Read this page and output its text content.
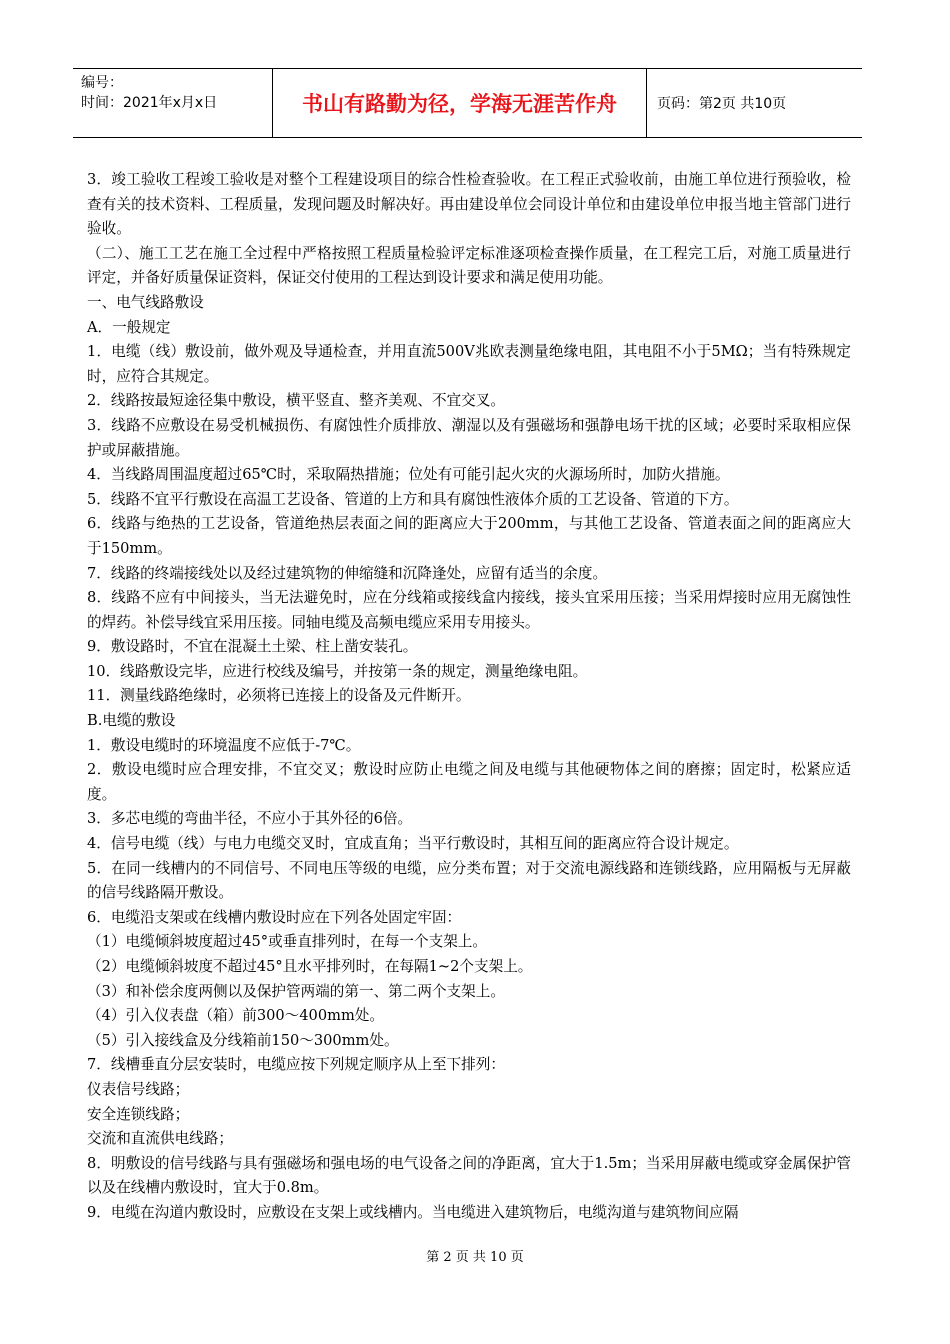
编号：
时间：2021年x月x日	书山有路勤为径，学海无涯苦作舟	页码：第2页 共10页

3．竣工验收工程竣工验收是对整个工程建设项目的综合性检查验收。在工程正式验收前，由施工单位进行预验收，检查有关的技术资料、工程质量，发现问题及时解决好。再由建设单位会同设计单位和由建设单位申报当地主管部门进行验收。

（二）、施工工艺在施工全过程中严格按照工程质量检验评定标准逐项检查操作质量，在工程完工后，对施工质量进行评定，并备好质量保证资料，保证交付使用的工程达到设计要求和满足使用功能。

一、电气线路敷设

A．一般规定

1．电缆（线）敷设前，做外观及导通检查，并用直流500V兆欧表测量绝缘电阻，其电阻不小于5MΩ；当有特殊规定时，应符合其规定。

2．线路按最短途径集中敷设，横平竖直、整齐美观、不宜交叉。

3．线路不应敷设在易受机械损伤、有腐蚀性介质排放、潮湿以及有强磁场和强静电场干扰的区域；必要时采取相应保护或屏蔽措施。

4．当线路周围温度超过65℃时，采取隔热措施；位处有可能引起火灾的火源场所时，加防火措施。

5．线路不宜平行敷设在高温工艺设备、管道的上方和具有腐蚀性液体介质的工艺设备、管道的下方。

6．线路与绝热的工艺设备，管道绝热层表面之间的距离应大于200mm，与其他工艺设备、管道表面之间的距离应大于150mm。

7．线路的终端接线处以及经过建筑物的伸缩缝和沉降逢处，应留有适当的余度。

8．线路不应有中间接头，当无法避免时，应在分线箱或接线盒内接线，接头宜采用压接；当采用焊接时应用无腐蚀性的焊药。补偿导线宜采用压接。同轴电缆及高频电缆应采用专用接头。

9．敷设路时，不宜在混凝土土梁、柱上凿安装孔。

10．线路敷设完毕，应进行校线及编号，并按第一条的规定，测量绝缘电阻。

11．测量线路绝缘时，必须将已连接上的设备及元件断开。

B.电缆的敷设

1．敷设电缆时的环境温度不应低于-7℃。

2．敷设电缆时应合理安排，不宜交叉；敷设时应防止电缆之间及电缆与其他硬物体之间的磨擦；固定时，松紧应适度。

3．多芯电缆的弯曲半径，不应小于其外径的6倍。

4．信号电缆（线）与电力电缆交叉时，宜成直角；当平行敷设时，其相互间的距离应符合设计规定。

5．在同一线槽内的不同信号、不同电压等级的电缆，应分类布置；对于交流电源线路和连锁线路，应用隔板与无屏蔽的信号线路隔开敷设。

6．电缆沿支架或在线槽内敷设时应在下列各处固定牢固：

（1）电缆倾斜坡度超过45°或垂直排列时，在每一个支架上。

（2）电缆倾斜坡度不超过45°且水平排列时，在每隔1~2个支架上。

（3）和补偿余度两侧以及保护管两端的第一、第二两个支架上。

（4）引入仪表盘（箱）前300～400mm处。

（5）引入接线盒及分线箱前150～300mm处。

7．线槽垂直分层安装时，电缆应按下列规定顺序从上至下排列：

仪表信号线路；

安全连锁线路；

交流和直流供电线路；

8．明敷设的信号线路与具有强磁场和强电场的电气设备之间的净距离，宜大于1.5m；当采用屏蔽电缆或穿金属保护管以及在线槽内敷设时，宜大于0.8m。

9．电缆在沟道内敷设时，应敷设在支架上或线槽内。当电缆进入建筑物后，电缆沟道与建筑物间应隔

第 2 页 共 10 页
